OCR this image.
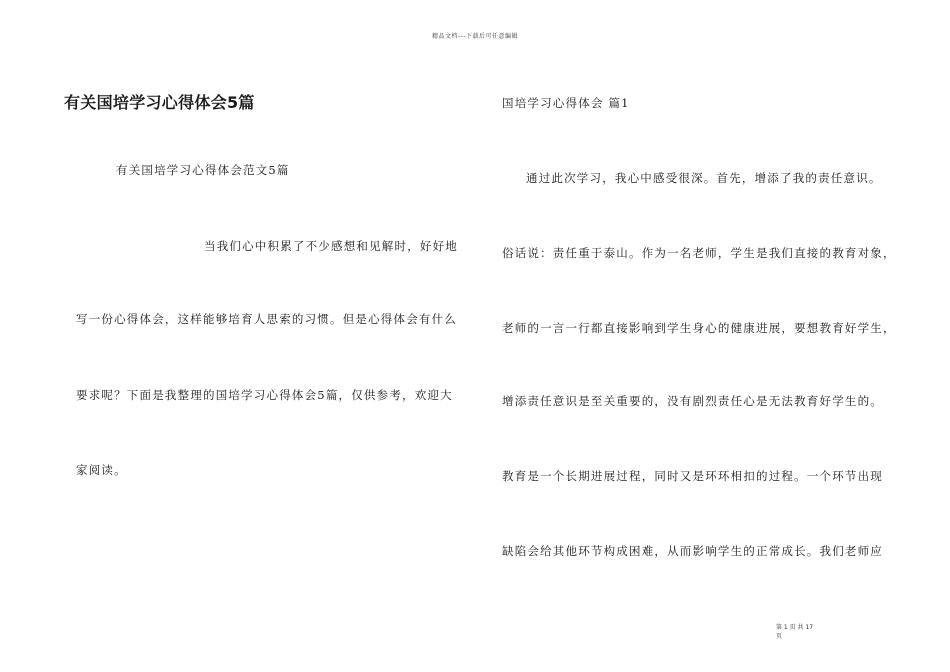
精品文档---下载后可任意编辑
有关国培学习心得体会5篇
有关国培学习心得体会范文5篇
当我们心中积累了不少感想和见解时，好好地
写一份心得体会，这样能够培育人思索的习惯。但是心得体会有什么
要求呢？下面是我整理的国培学习心得体会5篇，仅供参考，欢迎大
家阅读。
国培学习心得体会 篇1
通过此次学习，我心中感受很深。首先，增添了我的责任意识。
俗话说：责任重于泰山。作为一名老师，学生是我们直接的教育对象，
老师的一言一行都直接影响到学生身心的健康进展，要想教育好学生，
增添责任意识是至关重要的，没有剧烈责任心是无法教育好学生的。
教育是一个长期进展过程，同时又是环环相扣的过程。一个环节出现
缺陷会给其他环节构成困难，从而影响学生的正常成长。我们老师应
第 1 页 共 17
页
